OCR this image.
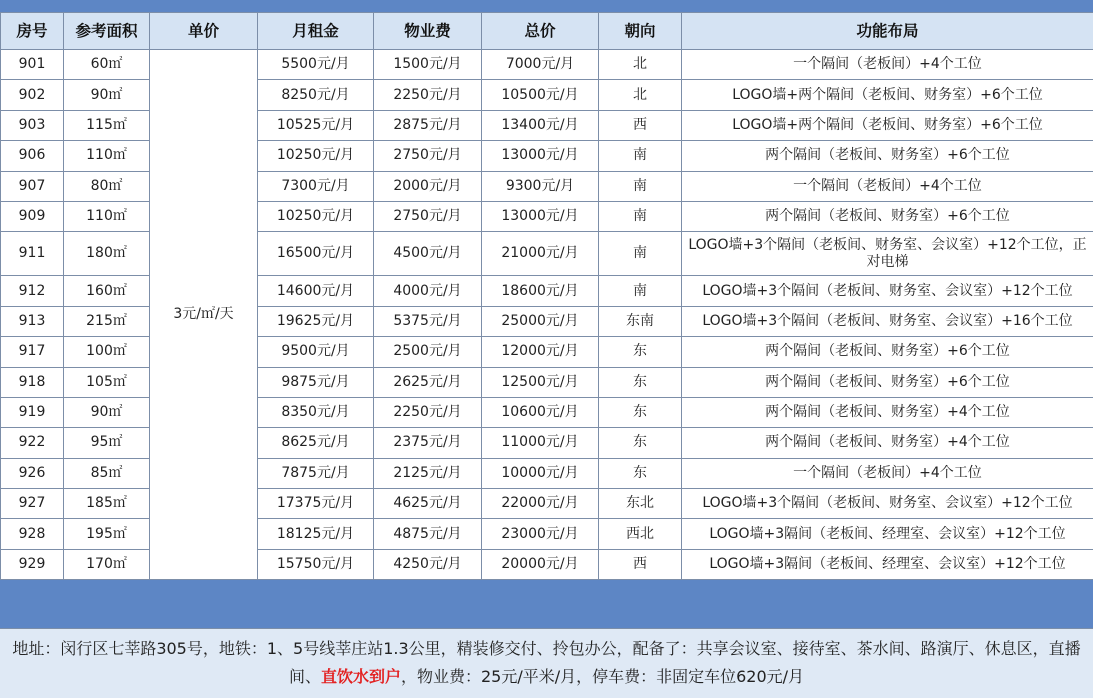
房号	参考面积	单价	月租金	物业费	总价	朝向	功能布局
901	60㎡	3元/㎡/天	5500元/月	1500元/月	7000元/月	北	一个隔间（老板间）+4个工位
902	90㎡		8250元/月	2250元/月	10500元/月	北	LOGO墙+两个隔间（老板间、财务室）+6个工位
903	115㎡		10525元/月	2875元/月	13400元/月	西	LOGO墙+两个隔间（老板间、财务室）+6个工位
906	110㎡		10250元/月	2750元/月	13000元/月	南	两个隔间（老板间、财务室）+6个工位
907	80㎡		7300元/月	2000元/月	9300元/月	南	一个隔间（老板间）+4个工位
909	110㎡		10250元/月	2750元/月	13000元/月	南	两个隔间（老板间、财务室）+6个工位
911	180㎡		16500元/月	4500元/月	21000元/月	南	LOGO墙+3个隔间（老板间、财务室、会议室）+12个工位，正对电梯
912	160㎡		14600元/月	4000元/月	18600元/月	南	LOGO墙+3个隔间（老板间、财务室、会议室）+12个工位
913	215㎡		19625元/月	5375元/月	25000元/月	东南	LOGO墙+3个隔间（老板间、财务室、会议室）+16个工位
917	100㎡		9500元/月	2500元/月	12000元/月	东	两个隔间（老板间、财务室）+6个工位
918	105㎡		9875元/月	2625元/月	12500元/月	东	两个隔间（老板间、财务室）+6个工位
919	90㎡		8350元/月	2250元/月	10600元/月	东	两个隔间（老板间、财务室）+4个工位
922	95㎡		8625元/月	2375元/月	11000元/月	东	两个隔间（老板间、财务室）+4个工位
926	85㎡		7875元/月	2125元/月	10000元/月	东	一个隔间（老板间）+4个工位
927	185㎡		17375元/月	4625元/月	22000元/月	东北	LOGO墙+3个隔间（老板间、财务室、会议室）+12个工位
928	195㎡		18125元/月	4875元/月	23000元/月	西北	LOGO墙+3隔间（老板间、经理室、会议室）+12个工位
929	170㎡		15750元/月	4250元/月	20000元/月	西	LOGO墙+3隔间（老板间、经理室、会议室）+12个工位
地址：闵行区七莘路305号，地铁：1、5号线莘庄站1.3公里，精装修交付、拎包办公，配备了：共享会议室、接待室、茶水间、路演厅、休息区，直播间、直饮水到户，物业费：25元/平米/月，停车费：非固定车位620元/月
